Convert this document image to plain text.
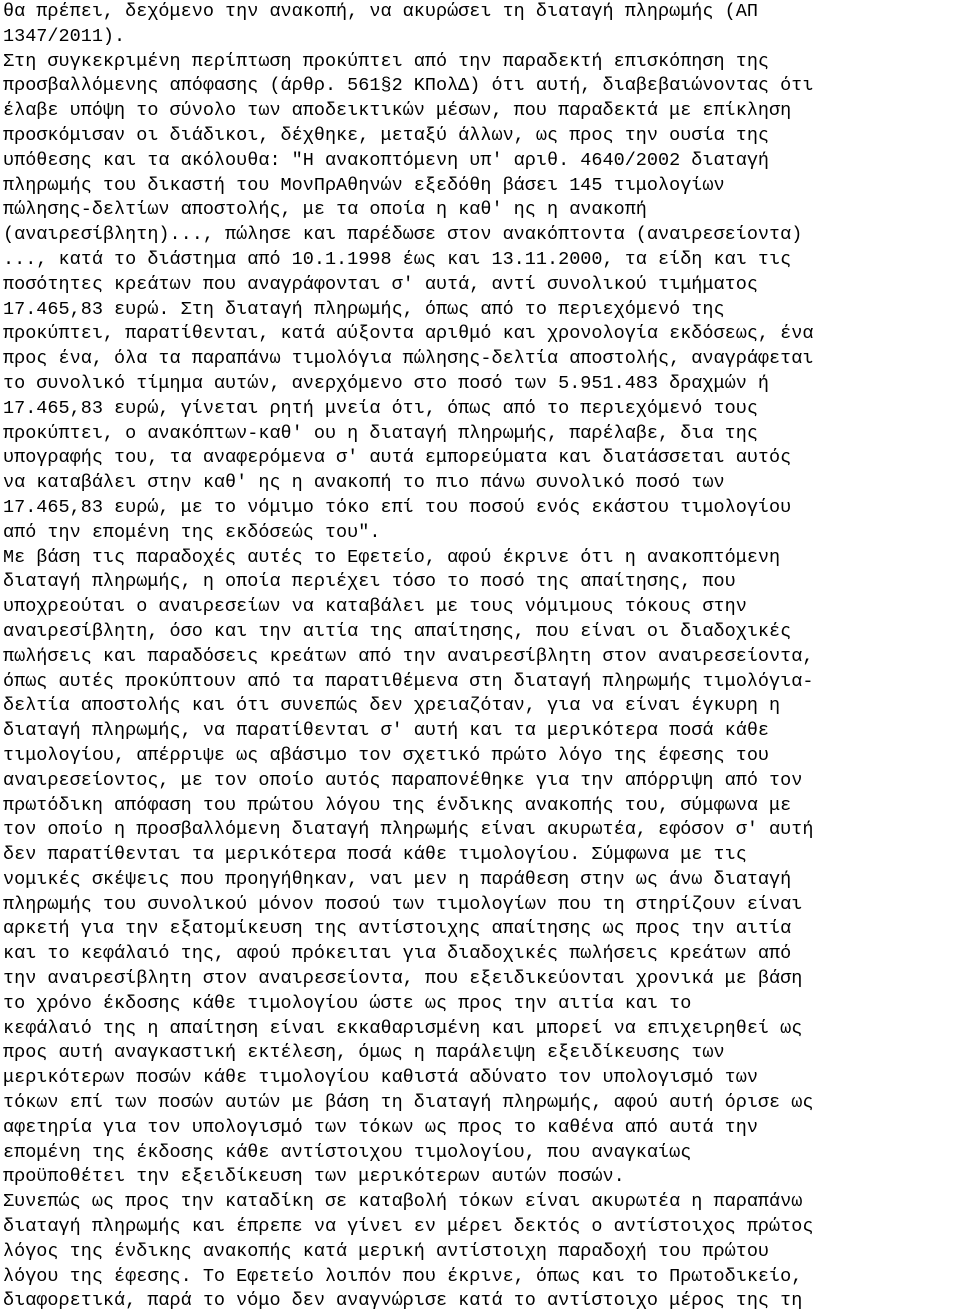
θα πρέπει, δεχόμενο την ανακοπή, να ακυρώσει τη διαταγή πληρωμής (ΑΠ
1347/2011).
Στη συγκεκριμένη περίπτωση προκύπτει από την παραδεκτή επισκόπηση της
προσβαλλόμενης απόφασης (άρθρ. 561§2 ΚΠολΔ) ότι αυτή, διαβεβαιώνοντας ότι
έλαβε υπόψη το σύνολο των αποδεικτικών μέσων, που παραδεκτά με επίκληση
προσκόμισαν οι διάδικοι, δέχθηκε, μεταξύ άλλων, ως προς την ουσία της
υπόθεσης και τα ακόλουθα: "Η ανακοπτόμενη υπ' αριθ. 4640/2002 διαταγή
πληρωμής του δικαστή του ΜονΠρΑθηνών εξεδόθη βάσει 145 τιμολογίων
πώλησης-δελτίων αποστολής, με τα οποία η καθ' ης η ανακοπή
(αναιρεσίβλητη)..., πώλησε και παρέδωσε στον ανακόπτοντα (αναιρεσείοντα)
..., κατά το διάστημα από 10.1.1998 έως και 13.11.2000, τα είδη και τις
ποσότητες κρεάτων που αναγράφονται σ' αυτά, αντί συνολικού τιμήματος
17.465,83 ευρώ. Στη διαταγή πληρωμής, όπως από το περιεχόμενό της
προκύπτει, παρατίθενται, κατά αύξοντα αριθμό και χρονολογία εκδόσεως, ένα
προς ένα, όλα τα παραπάνω τιμολόγια πώλησης-δελτία αποστολής, αναγράφεται
το συνολικό τίμημα αυτών, ανερχόμενο στο ποσό των 5.951.483 δραχμών ή
17.465,83 ευρώ, γίνεται ρητή μνεία ότι, όπως από το περιεχόμενό τους
προκύπτει, ο ανακόπτων-καθ' ου η διαταγή πληρωμής, παρέλαβε, δια της
υπογραφής του, τα αναφερόμενα σ' αυτά εμπορεύματα και διατάσσεται αυτός
να καταβάλει στην καθ' ης η ανακοπή το πιο πάνω συνολικό ποσό των
17.465,83 ευρώ, με το νόμιμο τόκο επί του ποσού ενός εκάστου τιμολογίου
από την επομένη της εκδόσεώς του".
Με βάση τις παραδοχές αυτές το Εφετείο, αφού έκρινε ότι η ανακοπτόμενη
διαταγή πληρωμής, η οποία περιέχει τόσο το ποσό της απαίτησης, που
υποχρεούται ο αναιρεσείων να καταβάλει με τους νόμιμους τόκους στην
αναιρεσίβλητη, όσο και την αιτία της απαίτησης, που είναι οι διαδοχικές
πωλήσεις και παραδόσεις κρεάτων από την αναιρεσίβλητη στον αναιρεσείοντα,
όπως αυτές προκύπτουν από τα παρατιθέμενα στη διαταγή πληρωμής τιμολόγια-
δελτία αποστολής και ότι συνεπώς δεν χρειαζόταν, για να είναι έγκυρη η
διαταγή πληρωμής, να παρατίθενται σ' αυτή και τα μερικότερα ποσά κάθε
τιμολογίου, απέρριψε ως αβάσιμο τον σχετικό πρώτο λόγο της έφεσης του
αναιρεσείοντος, με τον οποίο αυτός παραπονέθηκε για την απόρριψη από τον
πρωτόδικη απόφαση του πρώτου λόγου της ένδικης ανακοπής του, σύμφωνα με
τον οποίο η προσβαλλόμενη διαταγή πληρωμής είναι ακυρωτέα, εφόσον σ' αυτή
δεν παρατίθενται τα μερικότερα ποσά κάθε τιμολογίου. Σύμφωνα με τις
νομικές σκέψεις που προηγήθηκαν, ναι μεν η παράθεση στην ως άνω διαταγή
πληρωμής του συνολικού μόνον ποσού των τιμολογίων που τη στηρίζουν είναι
αρκετή για την εξατομίκευση της αντίστοιχης απαίτησης ως προς την αιτία
και το κεφάλαιό της, αφού πρόκειται για διαδοχικές πωλήσεις κρεάτων από
την αναιρεσίβλητη στον αναιρεσείοντα, που εξειδικεύονται χρονικά με βάση
το χρόνο έκδοσης κάθε τιμολογίου ώστε ως προς την αιτία και το
κεφάλαιό της η απαίτηση είναι εκκαθαρισμένη και μπορεί να επιχειρηθεί ως
προς αυτή αναγκαστική εκτέλεση, όμως η παράλειψη εξειδίκευσης των
μερικότερων ποσών κάθε τιμολογίου καθιστά αδύνατο τον υπολογισμό των
τόκων επί των ποσών αυτών με βάση τη διαταγή πληρωμής, αφού αυτή όρισε ως
αφετηρία για τον υπολογισμό των τόκων ως προς το καθένα από αυτά την
επομένη της έκδοσης κάθε αντίστοιχου τιμολογίου, που αναγκαίως
προϋποθέτει την εξειδίκευση των μερικότερων αυτών ποσών.
Συνεπώς ως προς την καταδίκη σε καταβολή τόκων είναι ακυρωτέα η παραπάνω
διαταγή πληρωμής και έπρεπε να γίνει εν μέρει δεκτός ο αντίστοιχος πρώτος
λόγος της ένδικης ανακοπής κατά μερική αντίστοιχη παραδοχή του πρώτου
λόγου της έφεσης. Το Εφετείο λοιπόν που έκρινε, όπως και το Πρωτοδικείο,
διαφορετικά, παρά το νόμο δεν αναγνώρισε κατά το αντίστοιχο μέρος της τη
